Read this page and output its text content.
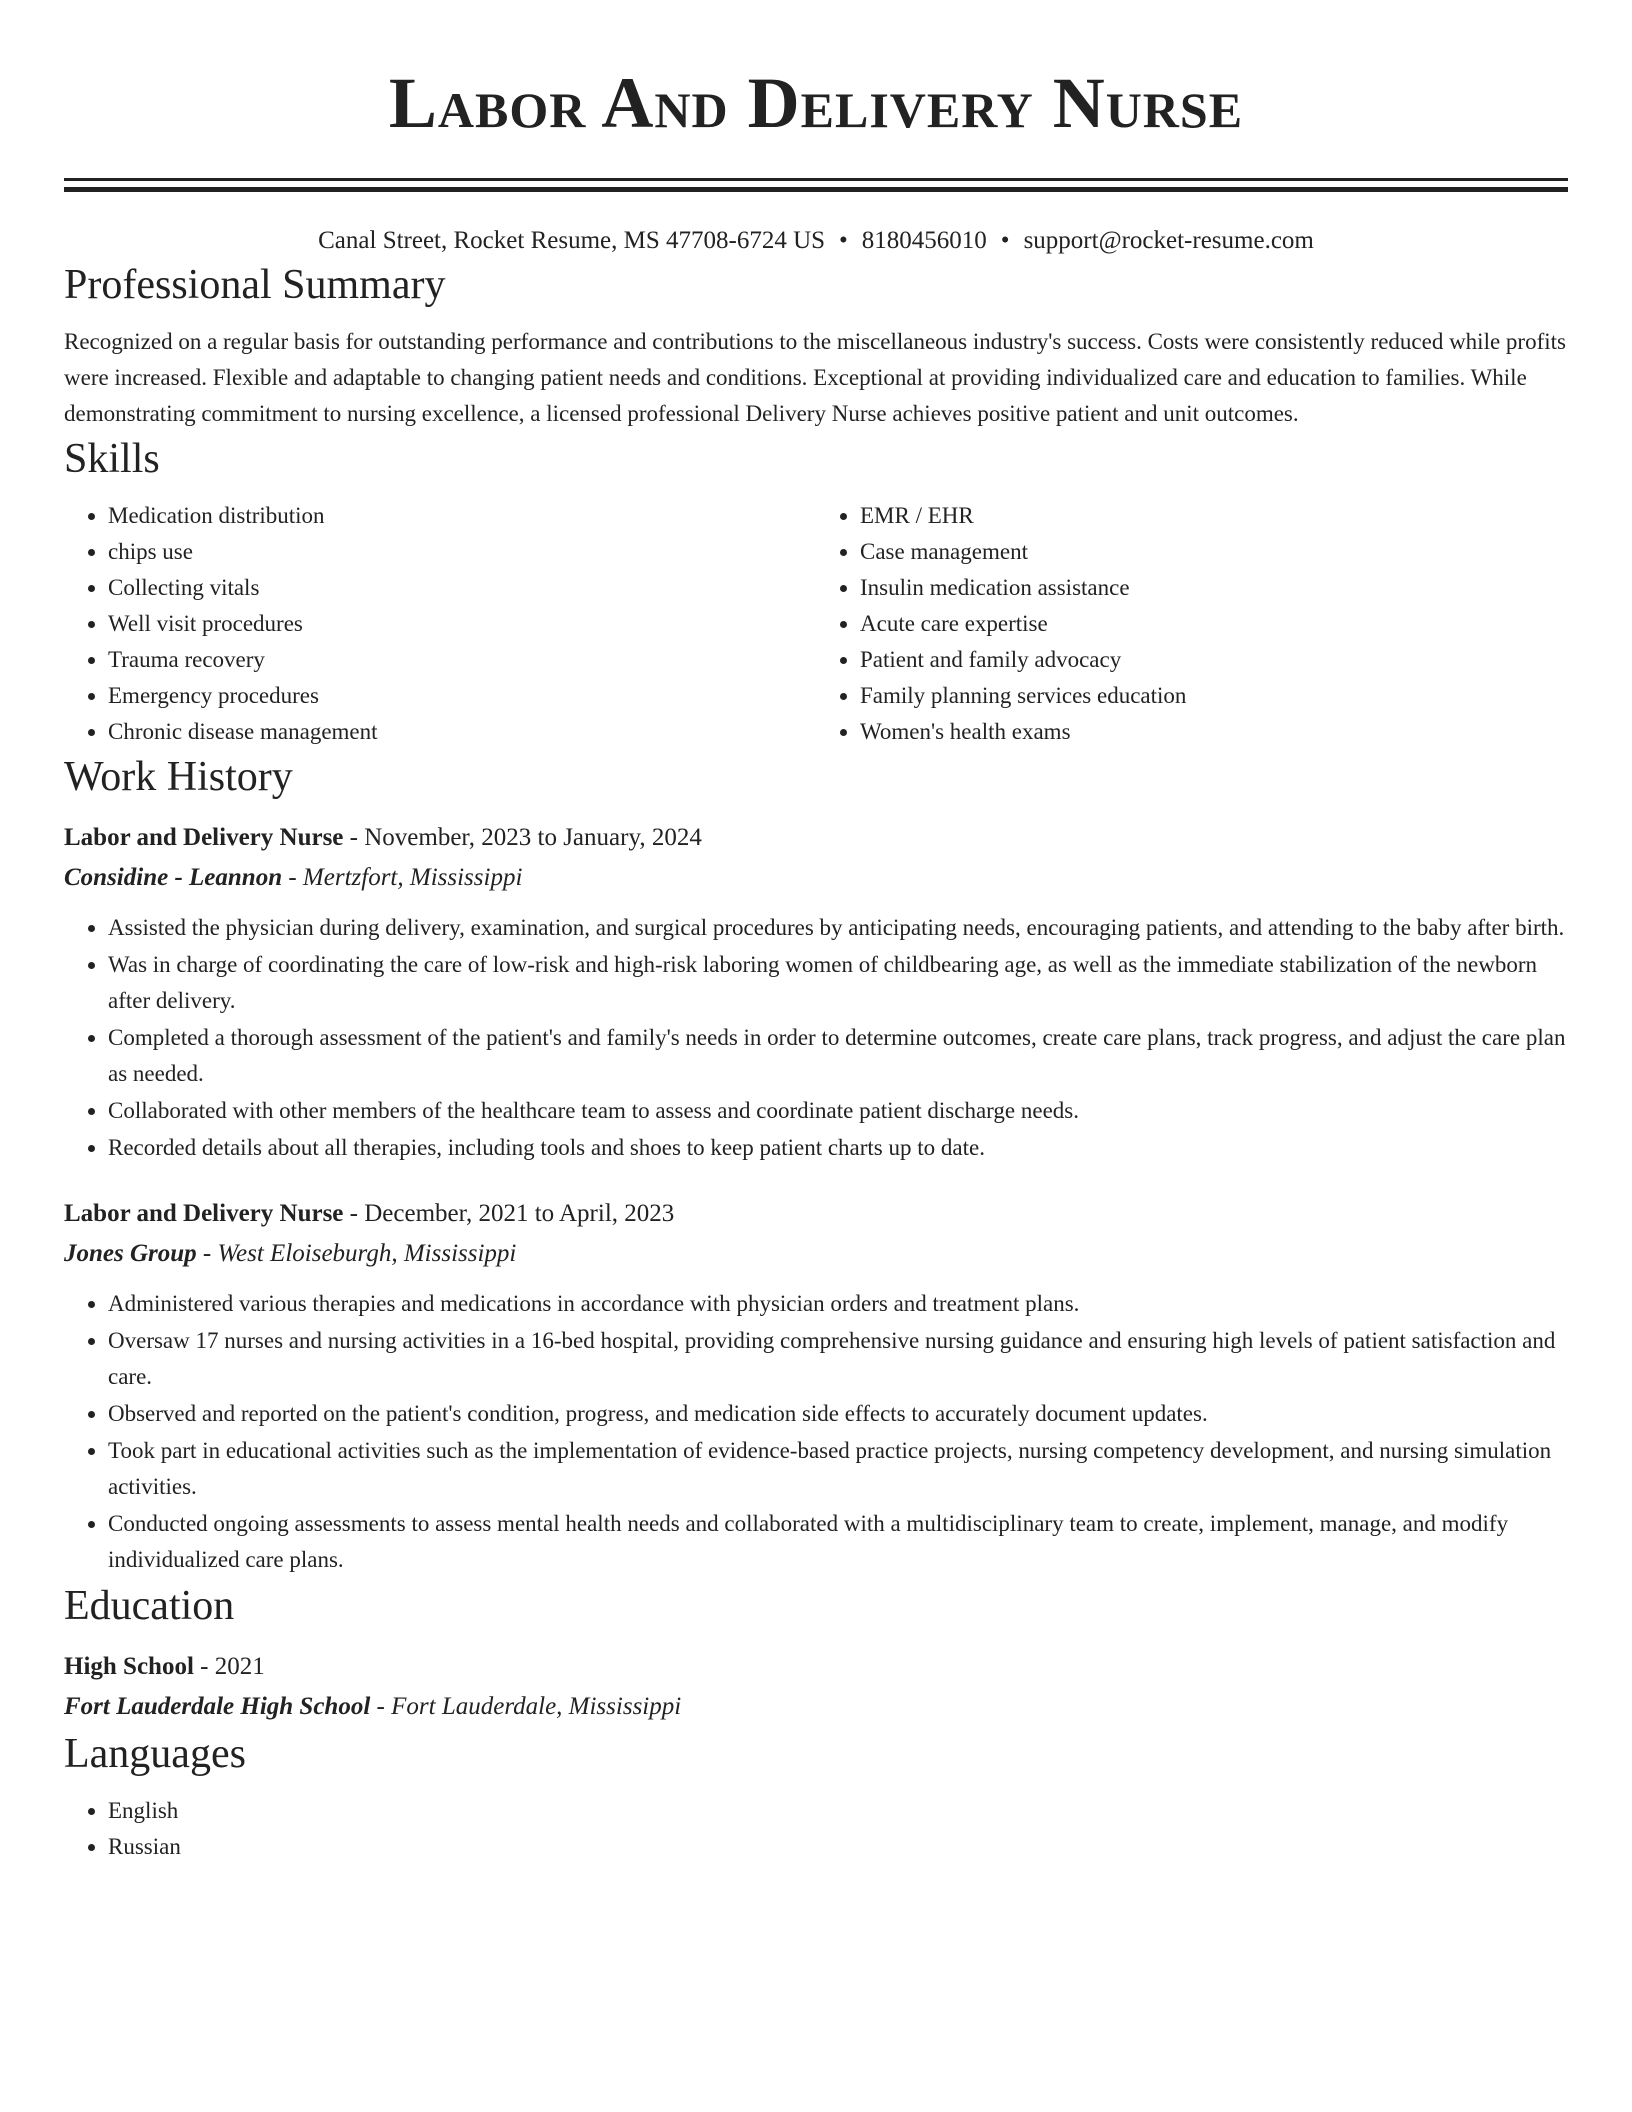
Labor And Delivery Nurse
Canal Street, Rocket Resume, MS 47708-6724 US • 8180456010 • support@rocket-resume.com
Professional Summary

Recognized on a regular basis for outstanding performance and contributions to the miscellaneous industry's success. Costs were consistently reduced while profits were increased. Flexible and adaptable to changing patient needs and conditions. Exceptional at providing individualized care and education to families. While demonstrating commitment to nursing excellence, a licensed professional Delivery Nurse achieves positive patient and unit outcomes.

Skills
• Medication distribution
• chips use
• Collecting vitals
• Well visit procedures
• Trauma recovery
• Emergency procedures
• Chronic disease management
• EMR / EHR
• Case management
• Insulin medication assistance
• Acute care expertise
• Patient and family advocacy
• Family planning services education
• Women's health exams
Work History
Labor and Delivery Nurse - November, 2023 to January, 2024
Considine - Leannon - Mertzfort, Mississippi
• Assisted the physician during delivery, examination, and surgical procedures by anticipating needs, encouraging patients, and attending to the baby after birth.
• Was in charge of coordinating the care of low-risk and high-risk laboring women of childbearing age, as well as the immediate stabilization of the newborn after delivery.
• Completed a thorough assessment of the patient's and family's needs in order to determine outcomes, create care plans, track progress, and adjust the care plan as needed.
• Collaborated with other members of the healthcare team to assess and coordinate patient discharge needs.
• Recorded details about all therapies, including tools and shoes to keep patient charts up to date.
Labor and Delivery Nurse - December, 2021 to April, 2023
Jones Group - West Eloiseburgh, Mississippi
• Administered various therapies and medications in accordance with physician orders and treatment plans.
• Oversaw 17 nurses and nursing activities in a 16-bed hospital, providing comprehensive nursing guidance and ensuring high levels of patient satisfaction and care.
• Observed and reported on the patient's condition, progress, and medication side effects to accurately document updates.
• Took part in educational activities such as the implementation of evidence-based practice projects, nursing competency development, and nursing simulation activities.
• Conducted ongoing assessments to assess mental health needs and collaborated with a multidisciplinary team to create, implement, manage, and modify individualized care plans.
Education
High School - 2021
Fort Lauderdale High School - Fort Lauderdale, Mississippi
Languages
• English
• Russian
